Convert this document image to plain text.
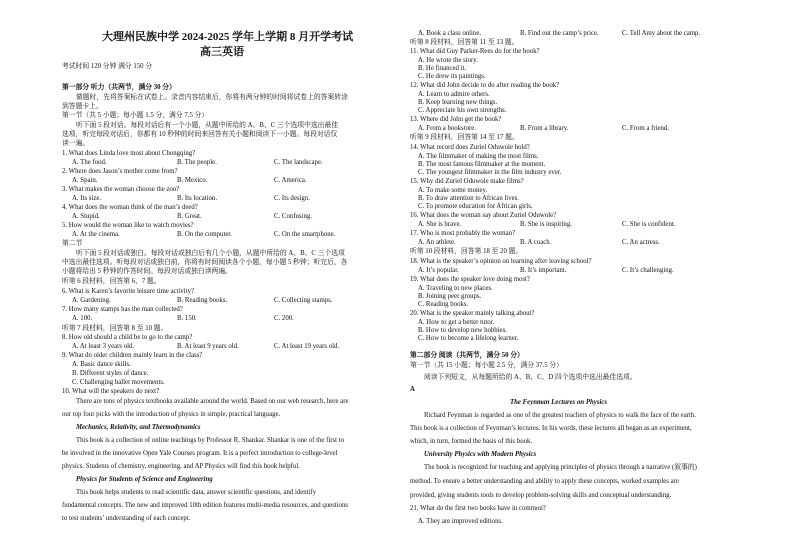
大理州民族中学 2024-2025 学年上学期 8 月开学考试
高三英语
考试时间 120 分钟 满分 150 分
第一部分 听力（共两节，满分 30 分）
做题时，先将答案标在试卷上。录音内容结束后，你将有两分钟的时间将试卷上的答案转涂
到答题卡上。
第一节（共 5 小题；每小题 1.5 分，满分 7.5 分）
听下面 5 段对话。每段对话后有一个小题，从题中所给的 A、B、C 三个选项中选出最佳
选项，听完每段对话后，你都有 10 秒钟的时间来回答有关小题和阅读下一小题。每段对话仅
读一遍。
1. What does Linda love most about Chongqing?
A. The food.	B. The people.	C. The landscape.
2. Where does Jason’s mother come from?
A. Spain.	B. Mexico.	C. America.
3. What makes the woman choose the zoo?
A. Its size.	B. Its location.	C. Its design.
4. What does the woman think of the man’s deed?
A. Stupid.	B. Great.	C. Confusing.
5. How would the woman like to watch movies?
A. At the cinema.	B. On the computer.	C. On the smartphone.
第二节
听下面 5 段对话或独白。每段对话或独白后有几个小题，从题中所给的 A、B、C 三个选项
中选出最佳选项。听每段对话或独白前，你将有时间阅读各个小题，每小题 5 秒钟；听完后，各
小题将给出 5 秒钟的作答时间。每段对话或独白读两遍。
听第 6 段材料，回答第 6、7 题。
6. What is Karen’s favorite leisure time activity?
A. Gardening.	B. Reading books.	C. Collecting stamps.
7. How many stamps has the man collected?
A. 100.	B. 150.	C. 200.
听第 7 段材料，回答第 8 至 10 题。
8. How old should a child be to go to the camp?
A. At least 3 years old.	B. At least 9 years old.	C. At least 19 years old.
9. What do older children mainly learn in the class?
A. Basic dance skills.
B. Different styles of dance.
C. Challenging ballet movements.
10. What will the speakers do next?
There are tons of physics textbooks available around the world. Based on our web research, here are
our top four picks with the introduction of physics in simple, practical language.
Mechanics, Relativity, and Thermodynamics
This book is a collection of online teachings by Professor R. Shankar. Shankar is one of the first to
be involved in the innovative Open Yale Courses program. It is a perfect introduction to college-level
physics. Students of chemistry, engineering, and AP Physics will find this book helpful.
Physics for Students of Science and Engineering
This book helps students to read scientific data, answer scientific questions, and identify
fundamental concepts. The new and improved 10th edition features multi-media resources, and questions
to test students’ understanding of each concept.
A. Book a class online.	B. Find out the camp’s price.	C. Tell Amy about the camp.
听第 8 段材料，回答第 11 至 13 题。
11. What did Guy Parker-Rees do for the book?
A. He wrote the story.
B. He financed it.
C. He drew its paintings.
12. What did John decide to do after reading the book?
A. Learn to admire others.
B. Keep learning new things.
C. Appreciate his own strengths.
13. Where did John get the book?
A. From a bookstore.	B. From a library.	C. From a friend.
听第 9 段材料，回答第 14 至 17 题。
14. What record does Zuriel Oduwole hold?
A. The filmmaker of making the most films.
B. The most famous filmmaker at the moment.
C. The youngest filmmaker in the film industry ever.
15. Why did Zuriel Oduwole make films?
A. To make some money.
B. To draw attention to African lives.
C. To promote education for African girls.
16. What does the woman say about Zuriel Oduwole?
A. She is brave.	B. She is inspiring.	C. She is confident.
17. Who is most probably the woman?
A. An athlete.	B. A coach.	C. An actress.
听第 10 段材料，回答第 18 至 20 题。
18. What is the speaker’s opinion on learning after leaving school?
A. It’s popular.	B. It’s important.	C. It’s challenging.
19. What does the speaker love doing most?
A. Traveling to new places.
B. Joining peer groups.
C. Reading books.
20. What is the speaker mainly talking about?
A. How to get a better tutor.
B. How to develop new hobbies.
C. How to become a lifelong learner.
第二部分 阅读（共两节，满分 50 分）
第一节（共 15 小题；每小题 2.5 分，满分 37.5 分）
阅读下列短文，从每题所给的 A、B、C、D 四个选项中选出最佳选项。
A
The Feynman Lectures on Physics
Richard Feynman is regarded as one of the greatest teachers of physics to walk the face of the earth.
This book is a collection of Feynman’s lectures. In his words, these lectures all began as an experiment,
which, in turn, formed the basis of this book.
University Physics with Modern Physics
The book is recognized for teaching and applying principles of physics through a narrative (叙事的)
method. To ensure a better understanding and ability to apply these concepts, worked examples are
provided, giving students tools to develop problem-solving skills and conceptual understanding.
21. What do the first two books have in common?
A. They are improved editions.
